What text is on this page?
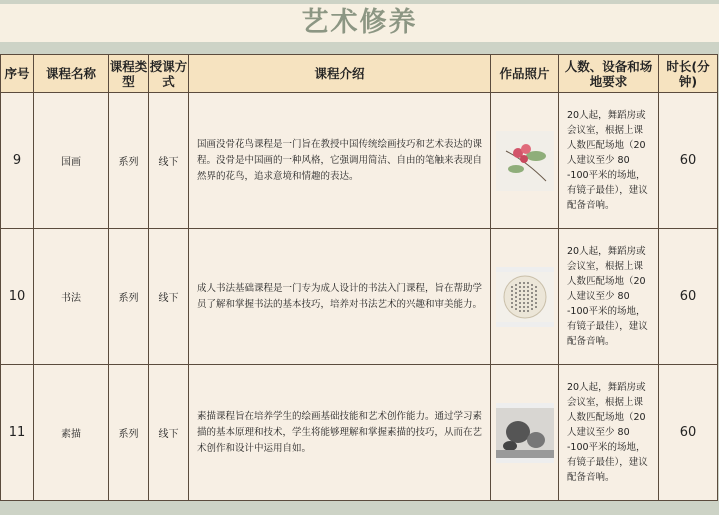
艺术修养
序号	课程名称	课程类型	授课方式	课程介绍	作品照片	人数、设备和场地要求	时长(分钟)
9	国画	系列	线下	国画没骨花鸟课程是一门旨在教授中国传统绘画技巧和艺术表达的课程。没骨是中国画的一种风格，它强调用简洁、自由的笔触来表现自然界的花鸟，追求意境和情趣的表达。		20人起，舞蹈房或会议室，根据上课人数匹配场地（20人建议至少 80 -100平米的场地，有镜子最佳），建议配备音响。	60
10	书法	系列	线下	成人书法基础课程是一门专为成人设计的书法入门课程，旨在帮助学员了解和掌握书法的基本技巧，培养对书法艺术的兴趣和审美能力。		20人起，舞蹈房或会议室，根据上课人数匹配场地（20人建议至少 80 -100平米的场地，有镜子最佳），建议配备音响。	60
11	素描	系列	线下	素描课程旨在培养学生的绘画基础技能和艺术创作能力。通过学习素描的基本原理和技术，学生将能够理解和掌握素描的技巧，从而在艺术创作和设计中运用自如。		20人起，舞蹈房或会议室，根据上课人数匹配场地（20人建议至少 80 -100平米的场地，有镜子最佳），建议配备音响。	60
